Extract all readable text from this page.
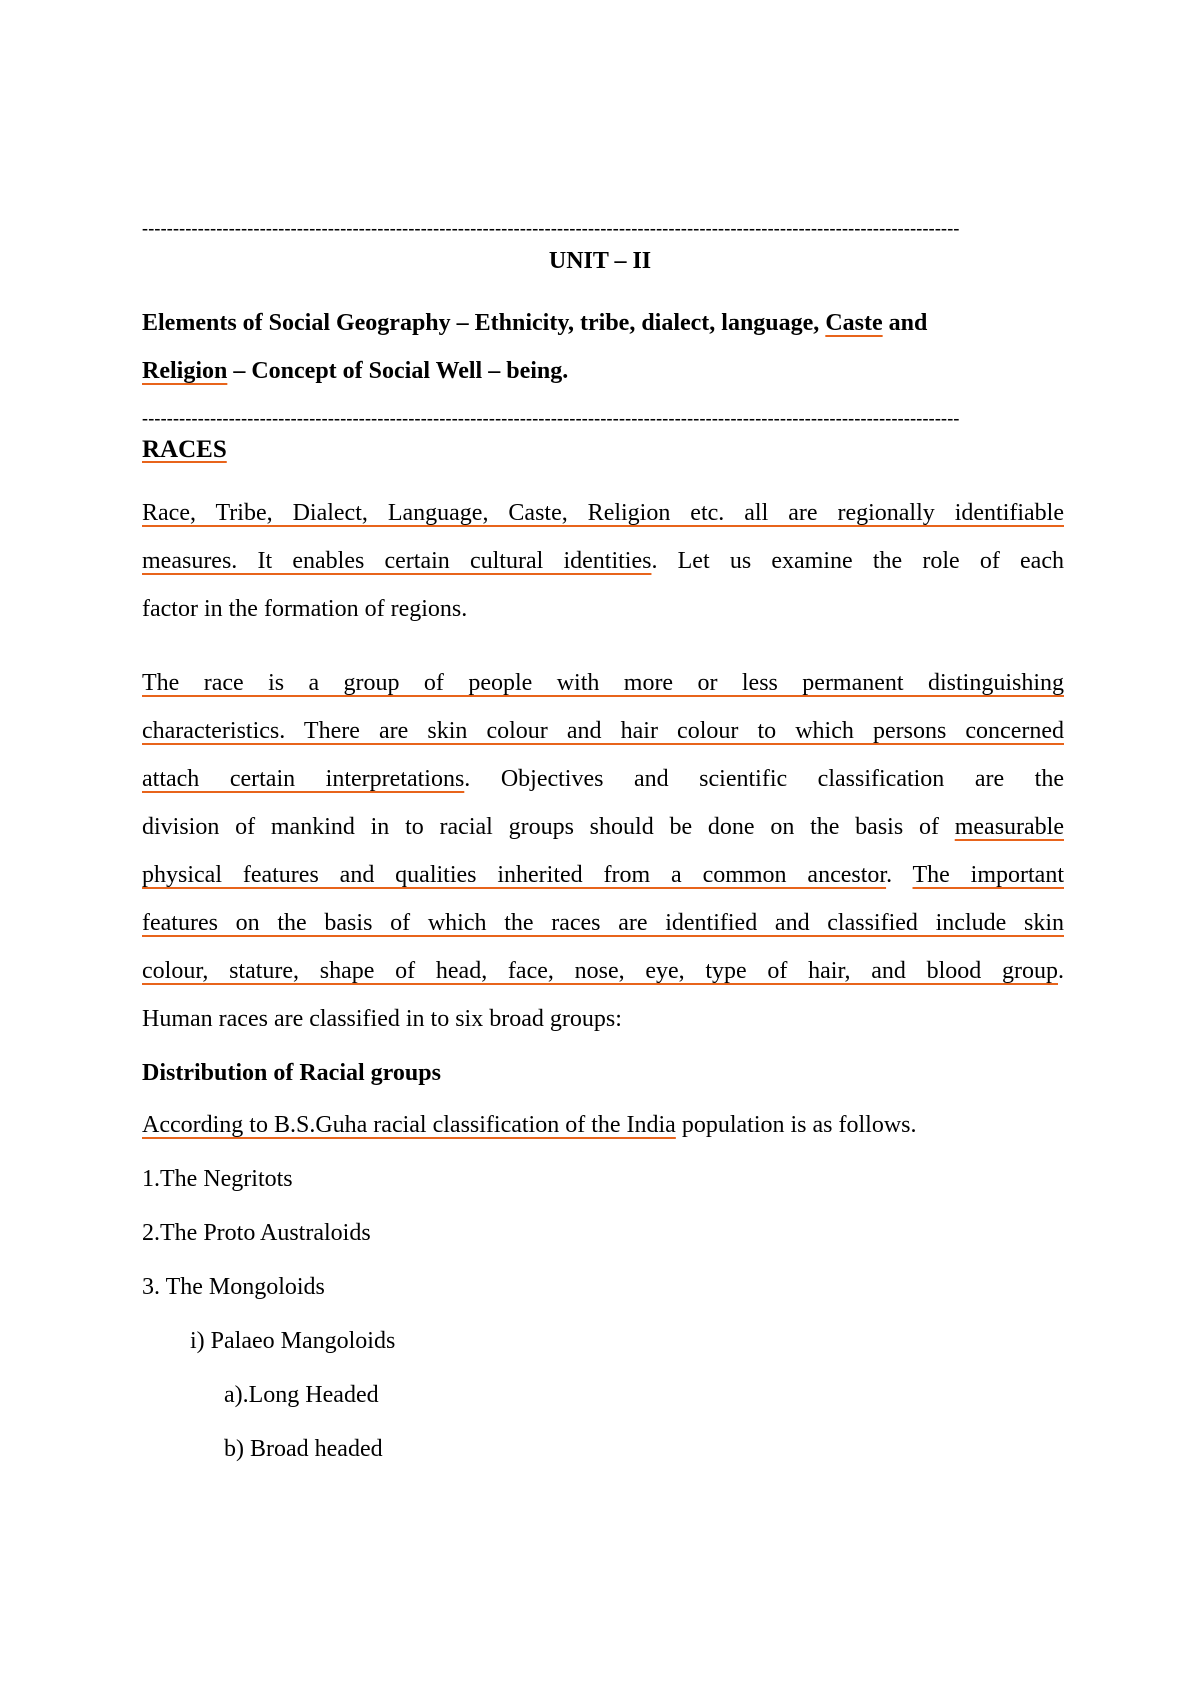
------------------------------------------------------------------------------------------------------------------------------------
UNIT – II
Elements of Social Geography – Ethnicity, tribe, dialect, language, Caste and
Religion – Concept of Social Well – being.
------------------------------------------------------------------------------------------------------------------------------------
RACES
Race, Tribe, Dialect, Language, Caste, Religion etc. all are regionally identifiable
measures. It enables certain cultural identities. Let us examine the role of each
factor in the formation of regions.
The race is a group of people with more or less permanent distinguishing
characteristics. There are skin colour and hair colour to which persons concerned
attach certain interpretations. Objectives and scientific classification are the
division of mankind in to racial groups should be done on the basis of measurable
physical features and qualities inherited from a common ancestor. The important
features on the basis of which the races are identified and classified include skin
colour, stature, shape of head, face, nose, eye, type of hair, and blood group.
Human races are classified in to six broad groups:
Distribution of Racial groups
According to B.S.Guha racial classification of the India population is as follows.
1.The Negritots
2.The Proto Australoids
3. The Mongoloids
i) Palaeo Mangoloids
a).Long Headed
b) Broad headed
